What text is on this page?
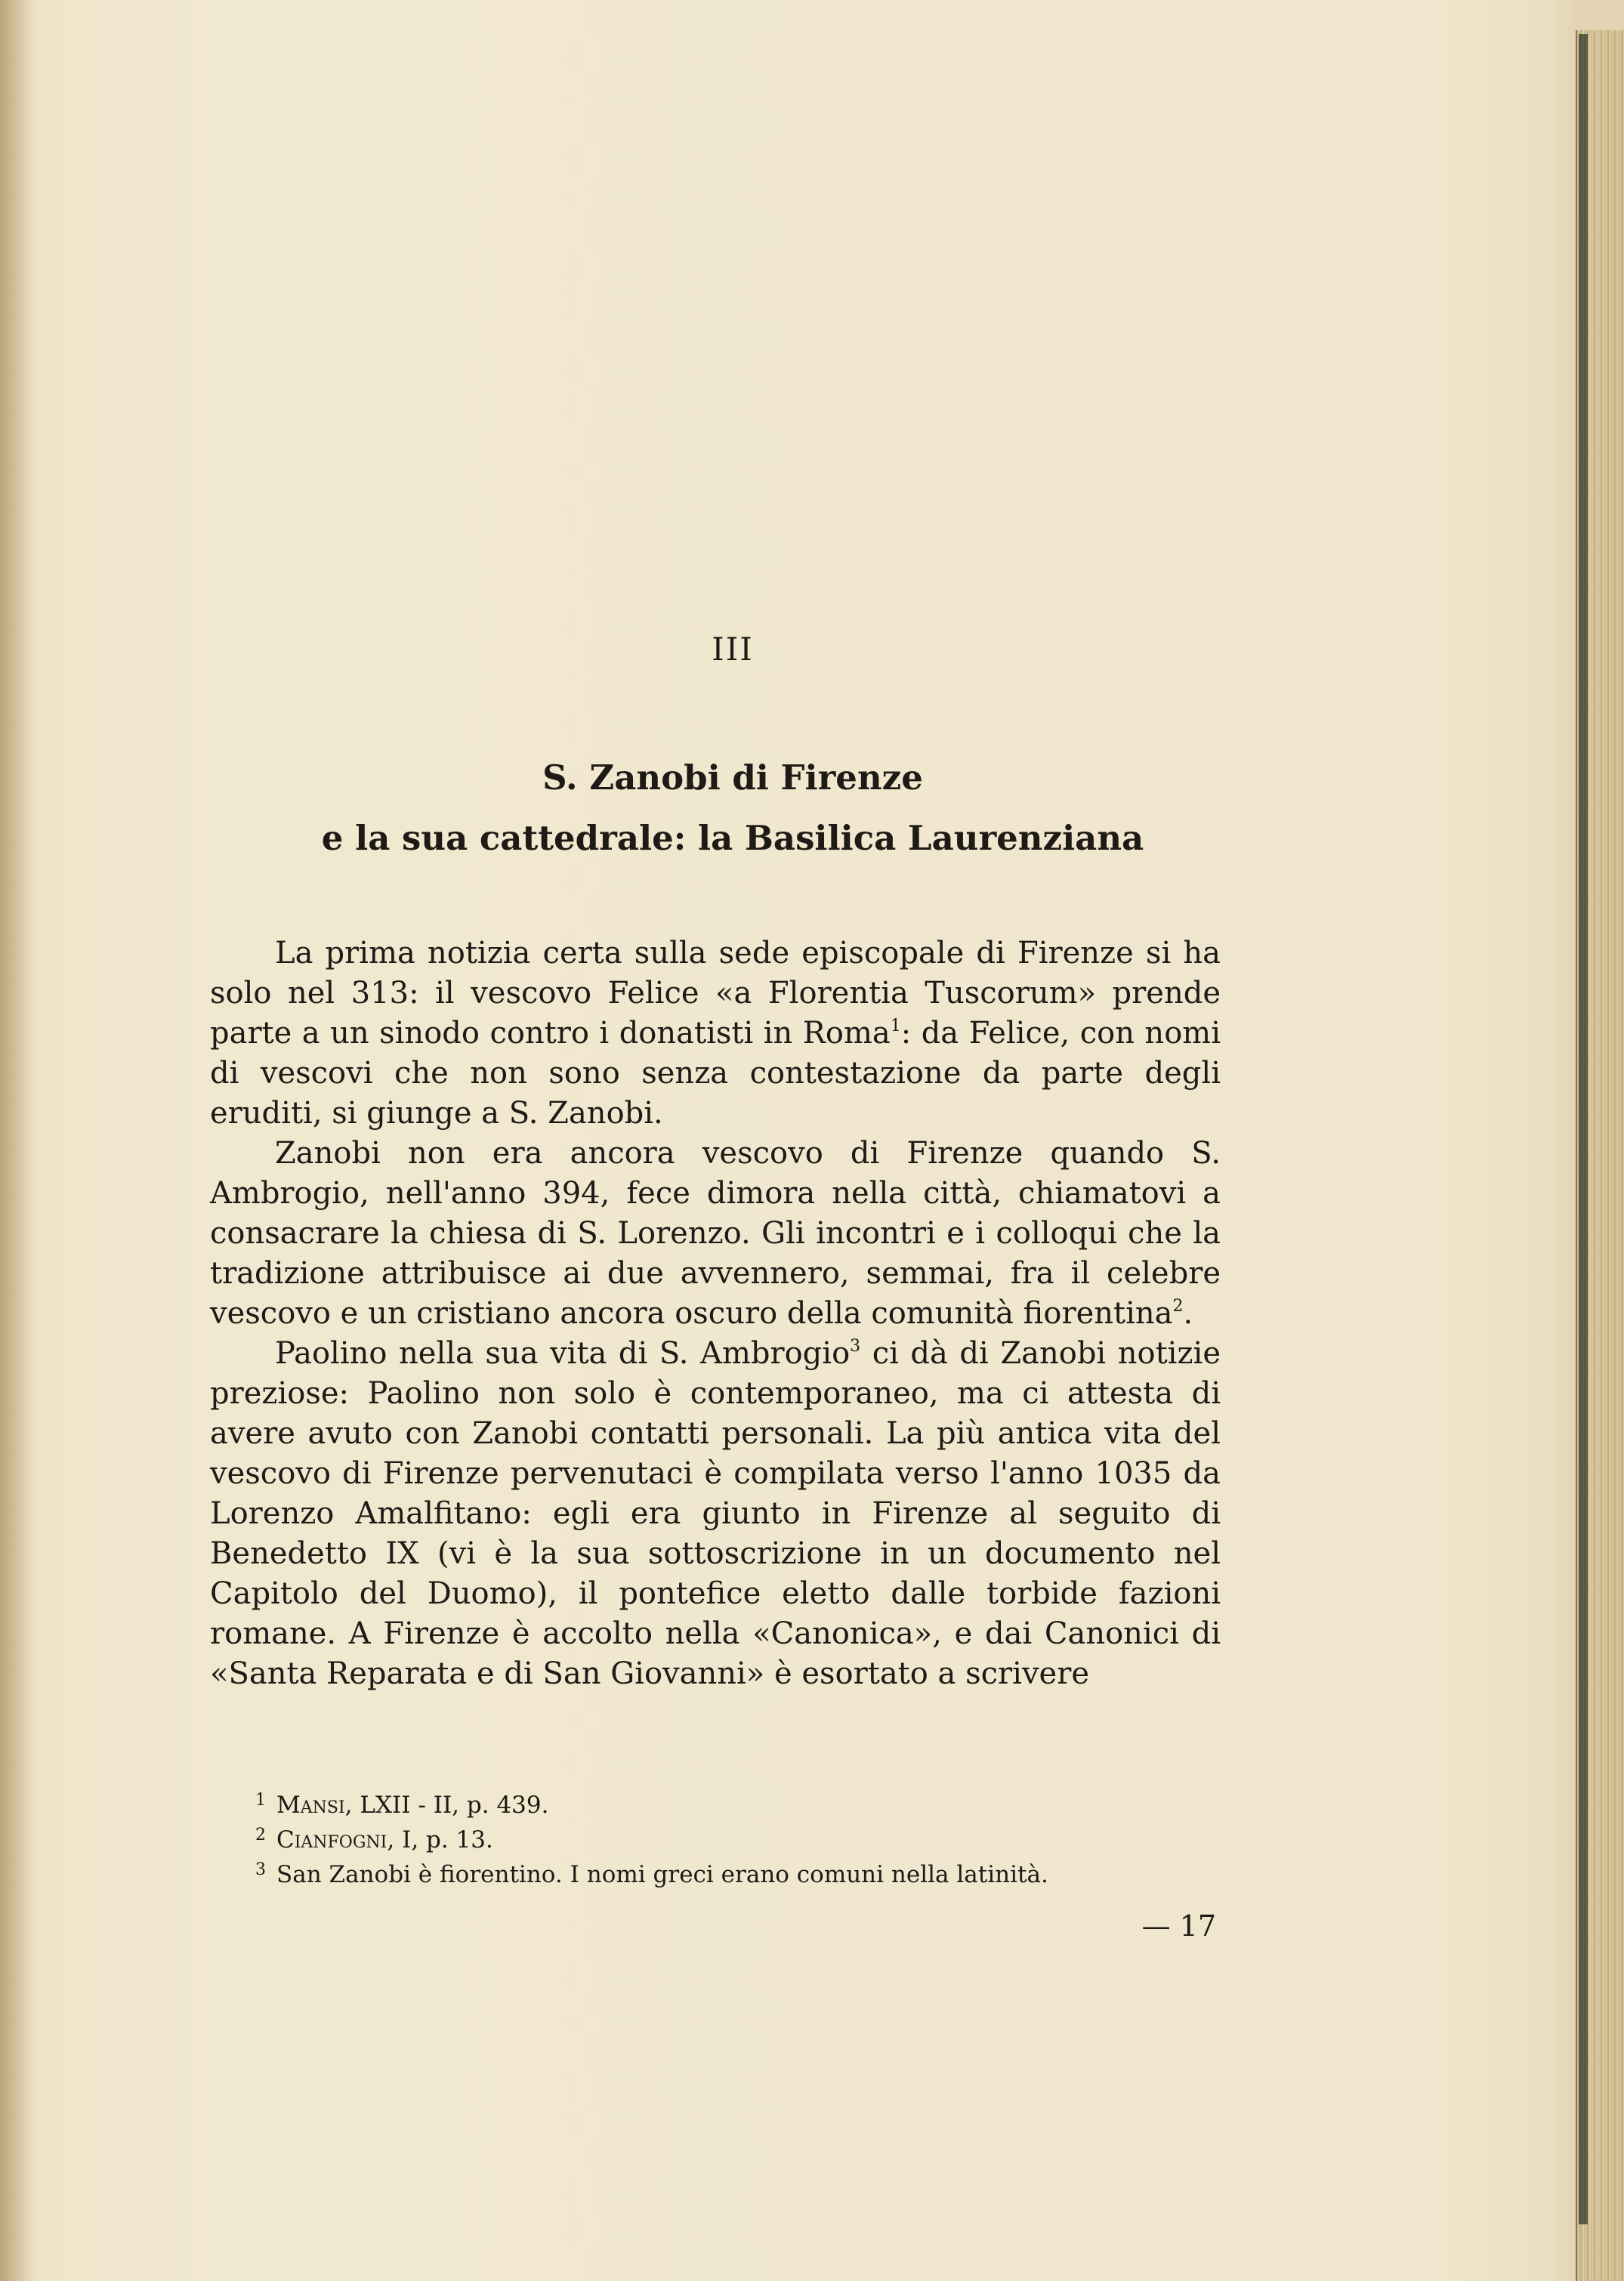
III
S. Zanobi di Firenze
e la sua cattedrale: la Basilica Laurenziana

La prima notizia certa sulla sede episcopale di Firenze si ha solo nel 313: il vescovo Felice «a Florentia Tuscorum» prende parte a un sinodo contro i donatisti in Roma$^1$: da Felice, con nomi di vescovi che non sono senza contestazione da parte degli eruditi, si giunge a S. Zanobi.

Zanobi non era ancora vescovo di Firenze quando S. Ambrogio, nell'anno 394, fece dimora nella città, chiamatovi a consacrare la chiesa di S. Lorenzo. Gli incontri e i colloqui che la tradizione attribuisce ai due avvennero, semmai, fra il celebre vescovo e un cristiano ancora oscuro della comunità fiorentina$^2$.

Paolino nella sua vita di S. Ambrogio$^3$ ci dà di Zanobi notizie preziose: Paolino non solo è contemporaneo, ma ci attesta di avere avuto con Zanobi contatti personali. La più antica vita del vescovo di Firenze pervenutaci è compilata verso l'anno 1035 da Lorenzo Amalfitano: egli era giunto in Firenze al seguito di Benedetto IX (vi è la sua sottoscrizione in un documento nel Capitolo del Duomo), il pontefice eletto dalle torbide fazioni romane. A Firenze è accolto nella «Canonica», e dai Canonici di «Santa Reparata e di San Giovanni» è esortato a scrivere

$^1$ Mansi, LXII - II, p. 439.
$^2$ Cianfogni, I, p. 13.
$^3$ San Zanobi è fiorentino. I nomi greci erano comuni nella latinità.
— 17
